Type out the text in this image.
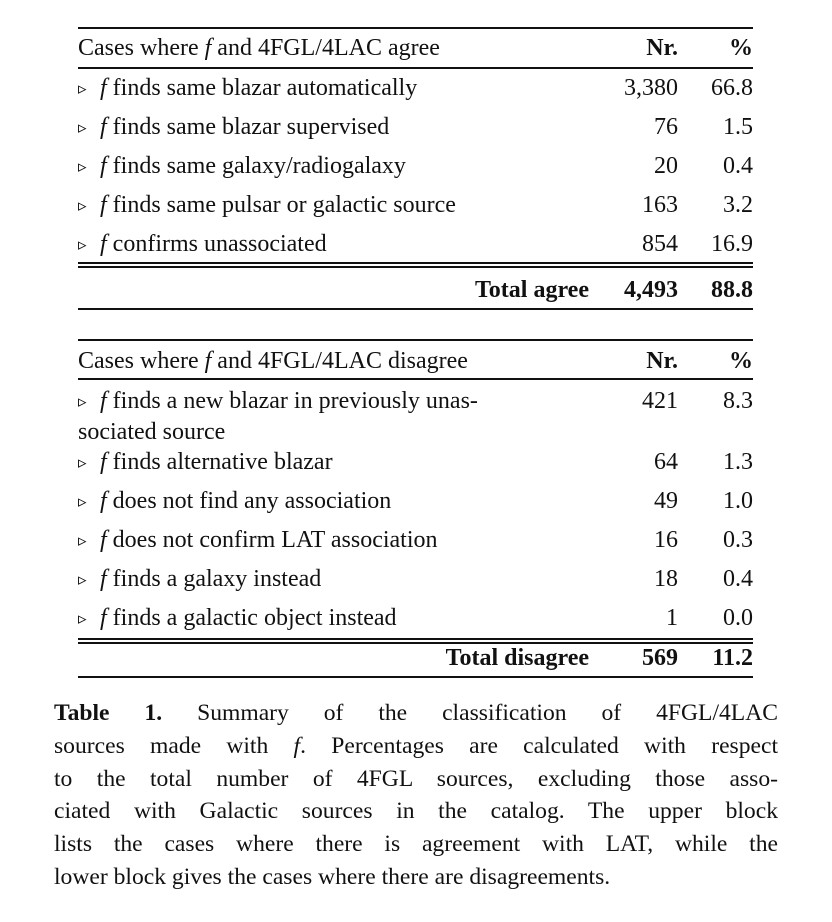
Cases where f and 4FGL/4LAC agree	Nr. %
▹ f finds same blazar automatically	3,380 66.8
▹ f finds same blazar supervised	76 1.5
▹ f finds same galaxy/radiogalaxy	20 0.4
▹ f finds same pulsar or galactic source	163 3.2
▹ f confirms unassociated	854 16.9
Total agree 4,493 88.8
Cases where f and 4FGL/4LAC disagree	Nr. %
▹ f finds a new blazar in previously unas-
sociated source
421 8.3
▹ f finds alternative blazar	64 1.3
▹ f does not find any association	49 1.0
▹ f does not confirm LAT association	16 0.3
▹ f finds a galaxy instead	18 0.4
▹ f finds a galactic object instead	1 0.0
Total disagree 569 11.2
Table 1. Summary of the classification of 4FGL/4LAC
sources made with f. Percentages are calculated with respect
to the total number of 4FGL sources, excluding those asso-
ciated with Galactic sources in the catalog. The upper block
lists the cases where there is agreement with LAT, while the
lower block gives the cases where there are disagreements.
